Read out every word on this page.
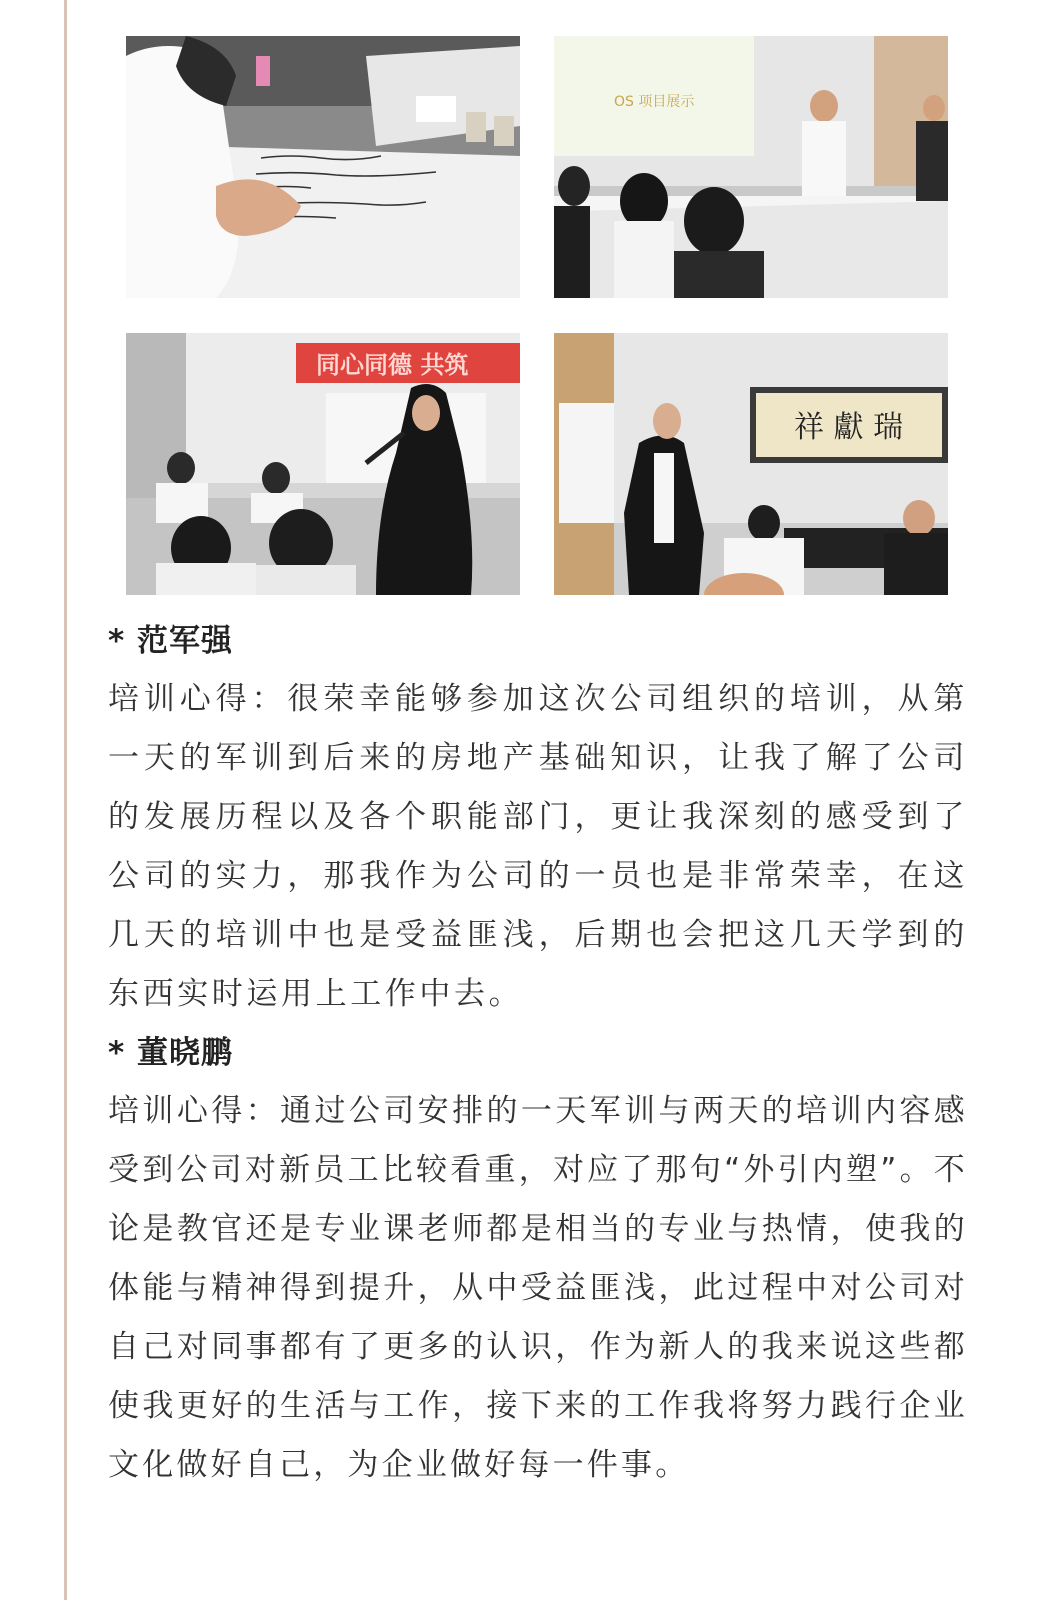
OS 项目展示
同心同德 共筑
祥 獻 瑞

* 范军强

培训心得：很荣幸能够参加这次公司组织的培训，从第一天的军训到后来的房地产基础知识，让我了解了公司的发展历程以及各个职能部门，更让我深刻的感受到了公司的实力，那我作为公司的一员也是非常荣幸，在这几天的培训中也是受益匪浅，后期也会把这几天学到的东西实时运用上工作中去。

* 董晓鹏

培训心得：通过公司安排的一天军训与两天的培训内容感受到公司对新员工比较看重，对应了那句“外引内塑”。不论是教官还是专业课老师都是相当的专业与热情，使我的体能与精神得到提升，从中受益匪浅，此过程中对公司对自己对同事都有了更多的认识，作为新人的我来说这些都使我更好的生活与工作，接下来的工作我将努力践行企业文化做好自己，为企业做好每一件事。
